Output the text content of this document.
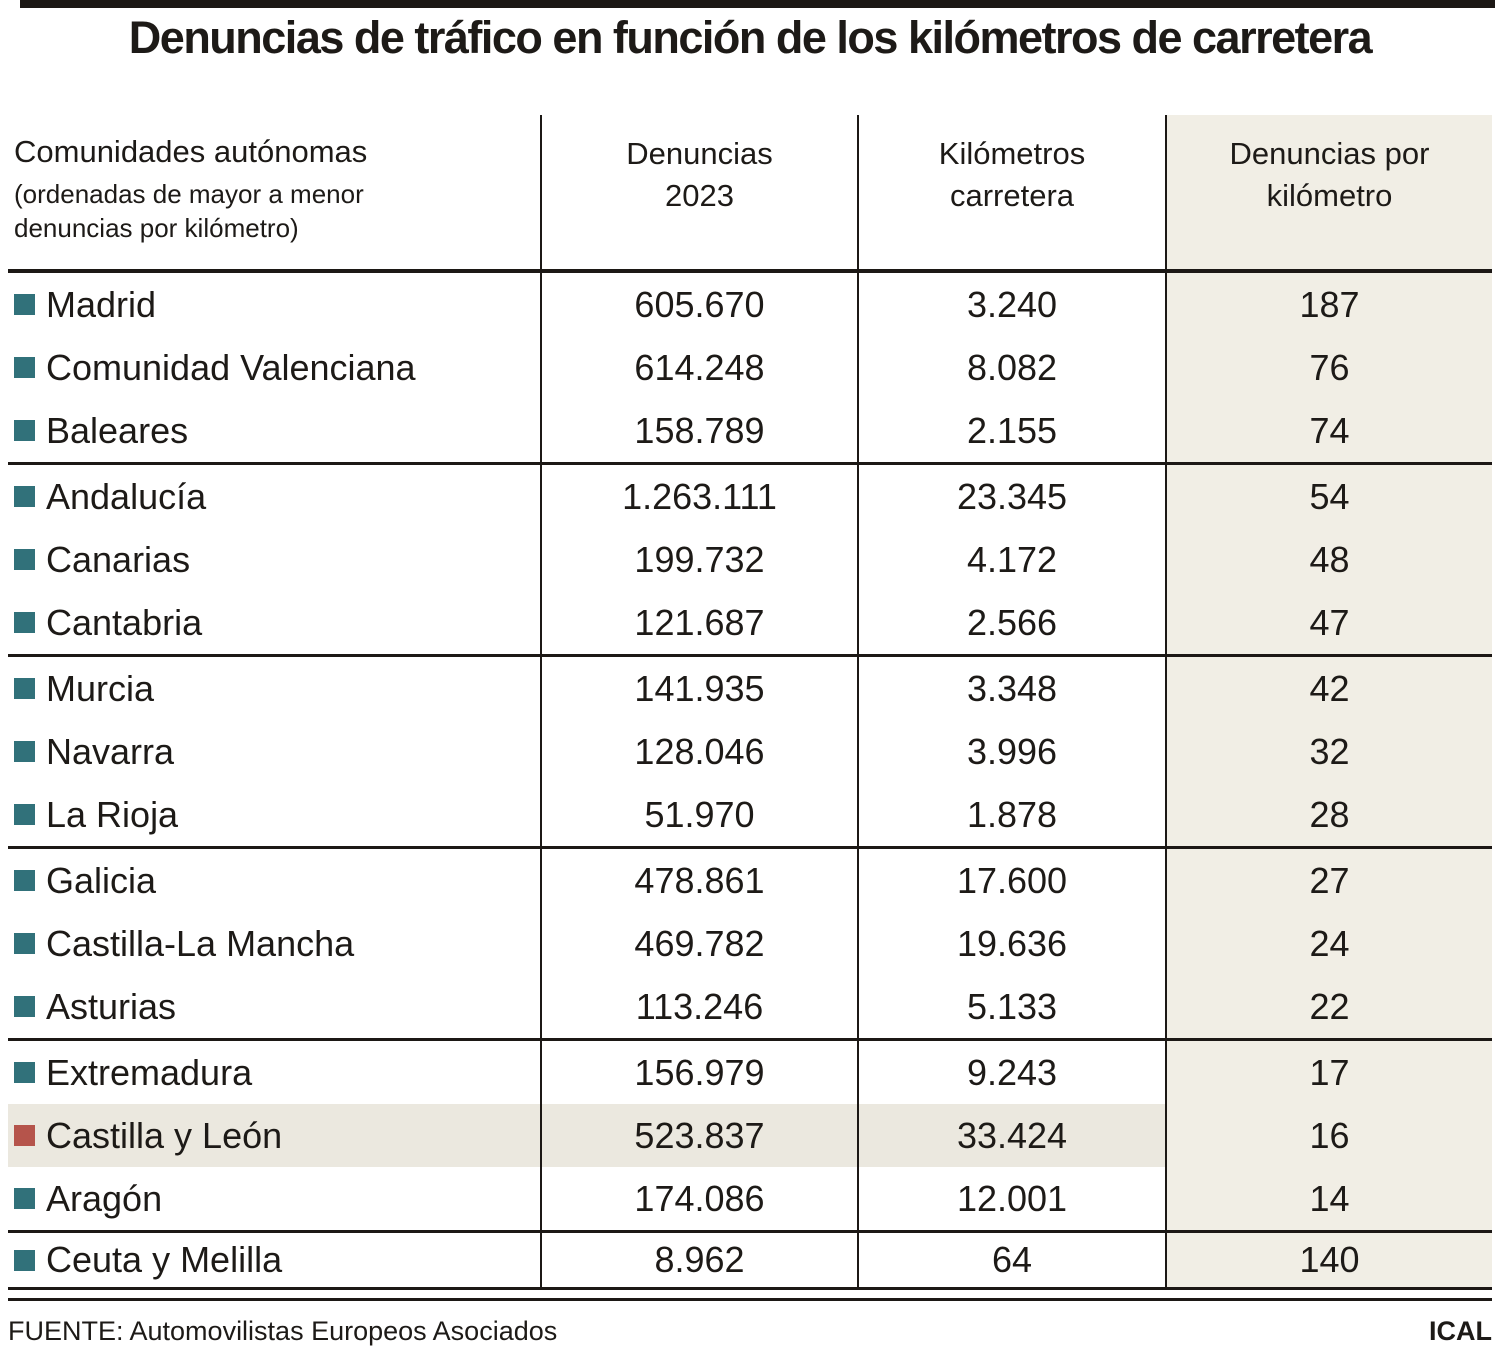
Denuncias de tráfico en función de los kilómetros de carretera
Comunidades autónomas
(ordenadas de mayor a menor denuncias por kilómetro)
Denuncias
2023
Kilómetros
carretera
Denuncias por
kilómetro
Madrid	605.670	3.240	187
Comunidad Valenciana	614.248	8.082	76
Baleares	158.789	2.155	74
Andalucía	1.263.111	23.345	54
Canarias	199.732	4.172	48
Cantabria	121.687	2.566	47
Murcia	141.935	3.348	42
Navarra	128.046	3.996	32
La Rioja	51.970	1.878	28
Galicia	478.861	17.600	27
Castilla-La Mancha	469.782	19.636	24
Asturias	113.246	5.133	22
Extremadura	156.979	9.243	17
Castilla y León	523.837	33.424	16
Aragón	174.086	12.001	14
Ceuta y Melilla	8.962	64	140
FUENTE: Automovilistas Europeos Asociados	ICAL
